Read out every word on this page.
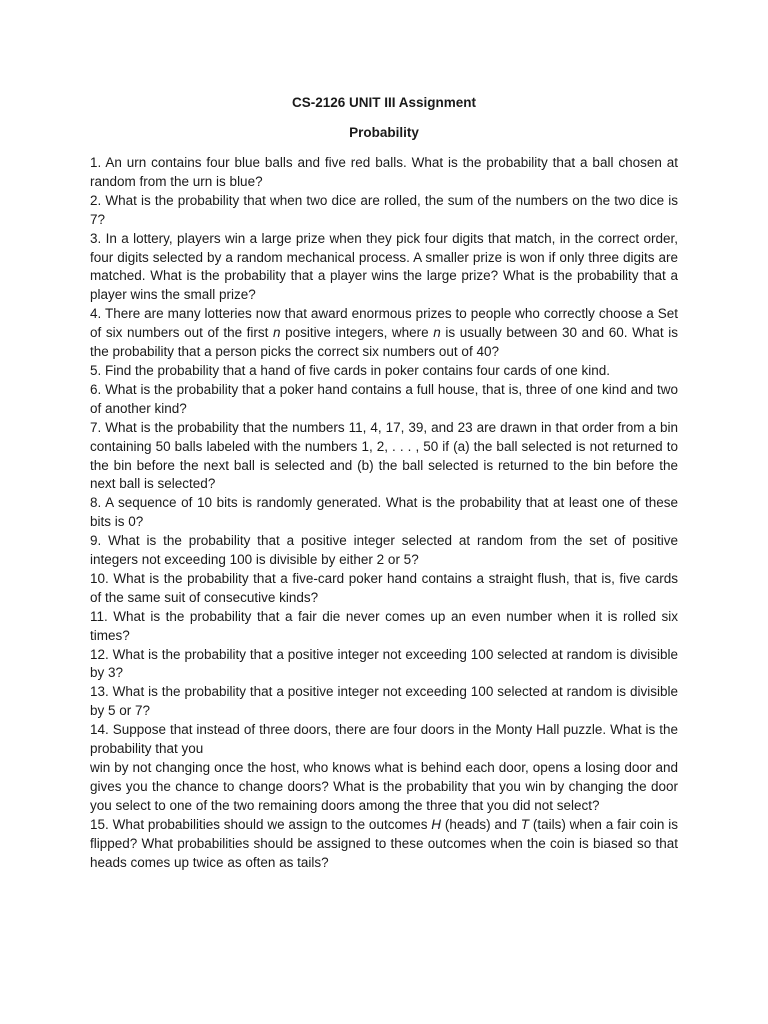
CS-2126 UNIT III Assignment
Probability

1. An urn contains four blue balls and five red balls. What is the probability that a ball chosen at random from the urn is blue?

2. What is the probability that when two dice are rolled, the sum of the numbers on the two dice is 7?

3. In a lottery, players win a large prize when they pick four digits that match, in the correct order, four digits selected by a random mechanical process. A smaller prize is won if only three digits are matched. What is the probability that a player wins the large prize? What is the probability that a player wins the small prize?

4. There are many lotteries now that award enormous prizes to people who correctly choose a Set of six numbers out of the first n positive integers, where n is usually between 30 and 60. What is the probability that a person picks the correct six numbers out of 40?

5. Find the probability that a hand of five cards in poker contains four cards of one kind.

6. What is the probability that a poker hand contains a full house, that is, three of one kind and two of another kind?

7. What is the probability that the numbers 11, 4, 17, 39, and 23 are drawn in that order from a bin containing 50 balls labeled with the numbers 1, 2, . . . , 50 if (a) the ball selected is not returned to the bin before the next ball is selected and (b) the ball selected is returned to the bin before the next ball is selected?

8. A sequence of 10 bits is randomly generated. What is the probability that at least one of these bits is 0?

9. What is the probability that a positive integer selected at random from the set of positive integers not exceeding 100 is divisible by either 2 or 5?

10. What is the probability that a five-card poker hand contains a straight flush, that is, five cards of the same suit of consecutive kinds?

11. What is the probability that a fair die never comes up an even number when it is rolled six times?

12. What is the probability that a positive integer not exceeding 100 selected at random is divisible by 3?

13. What is the probability that a positive integer not exceeding 100 selected at random is divisible by 5 or 7?

14. Suppose that instead of three doors, there are four doors in the Monty Hall puzzle. What is the probability that you

win by not changing once the host, who knows what is behind each door, opens a losing door and gives you the chance to change doors? What is the probability that you win by changing the door you select to one of the two remaining doors among the three that you did not select?

15. What probabilities should we assign to the outcomes H (heads) and T (tails) when a fair coin is flipped? What probabilities should be assigned to these outcomes when the coin is biased so that heads comes up twice as often as tails?
